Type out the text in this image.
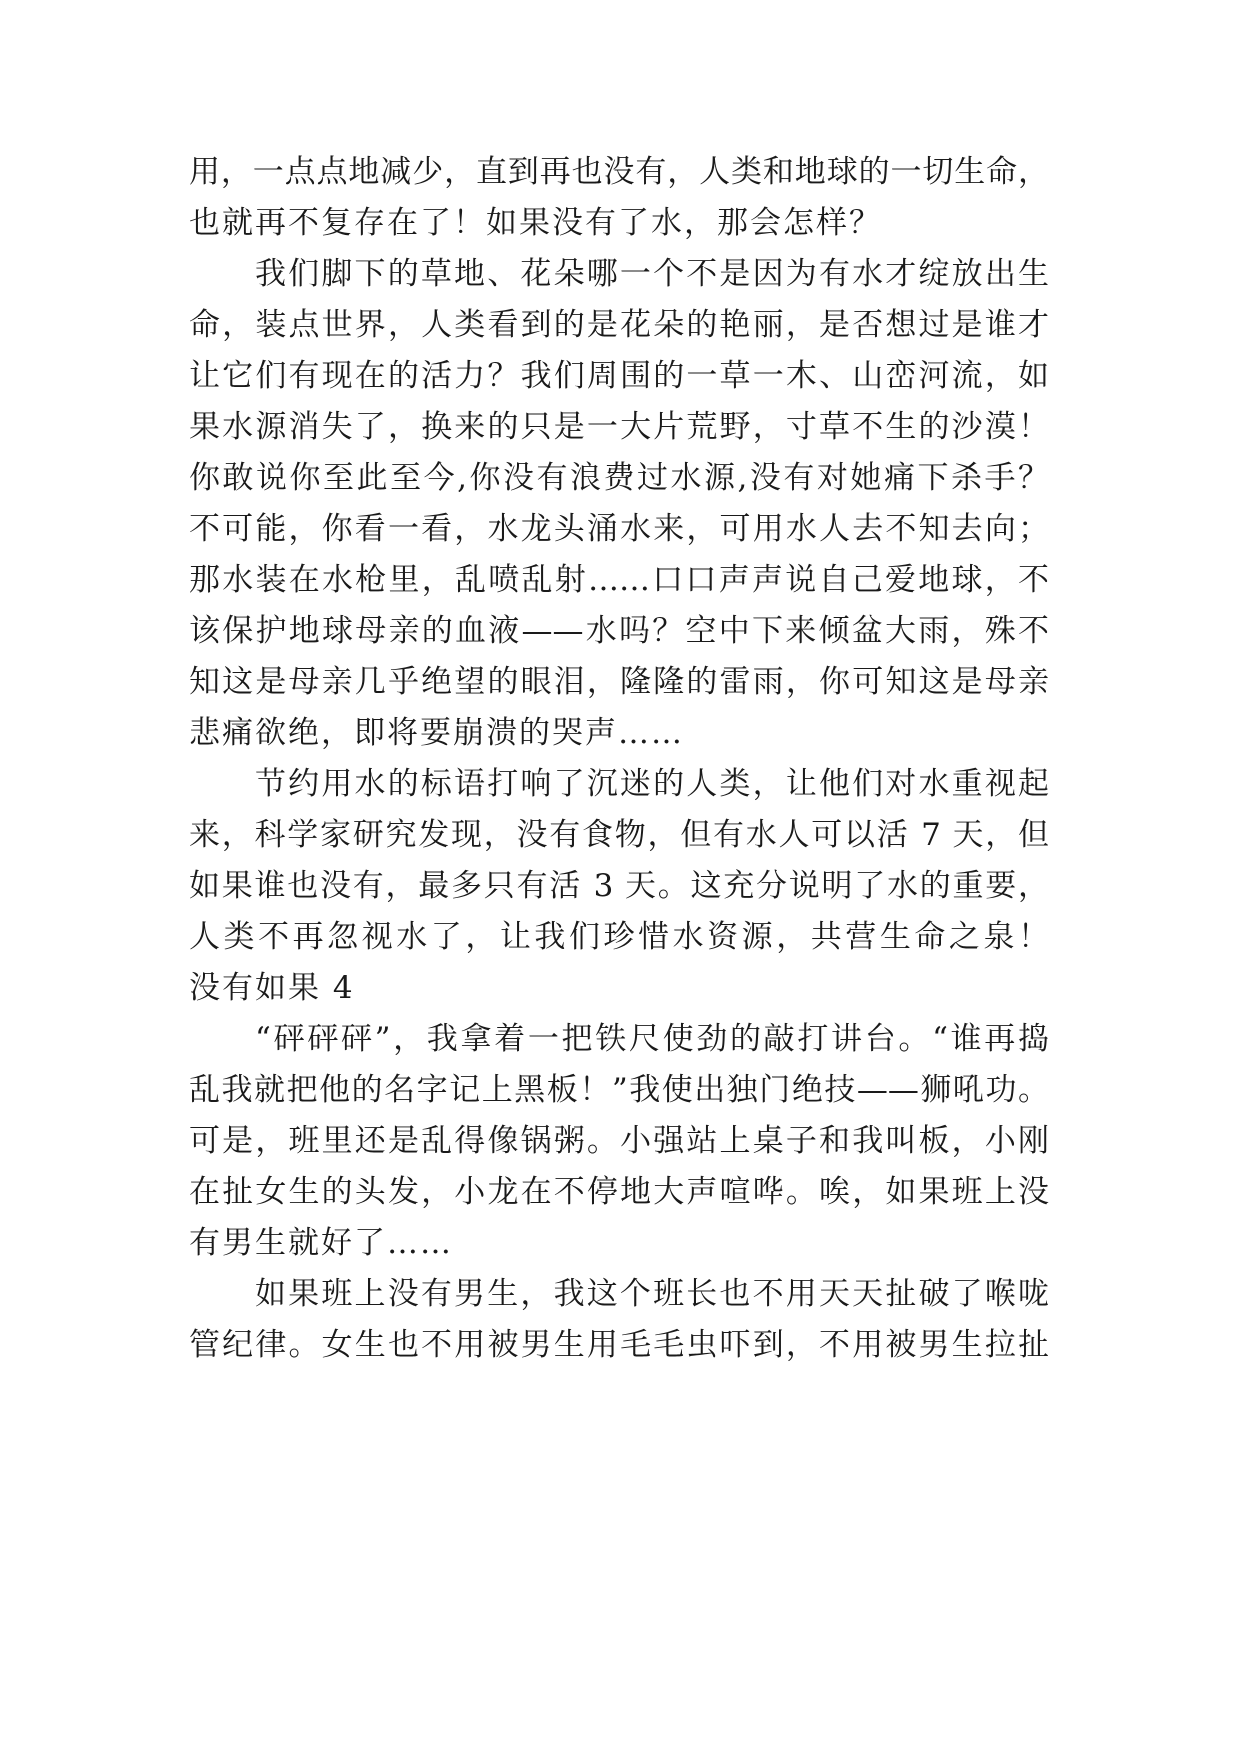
用，一点点地减少，直到再也没有，人类和地球的一切生命，
也就再不复存在了！如果没有了水，那会怎样？
我们脚下的草地、花朵哪一个不是因为有水才绽放出生
命，装点世界，人类看到的是花朵的艳丽，是否想过是谁才
让它们有现在的活力？我们周围的一草一木、山峦河流，如
果水源消失了，换来的只是一大片荒野，寸草不生的沙漠！
你敢说你至此至今,你没有浪费过水源,没有对她痛下杀手？
不可能，你看一看，水龙头涌水来，可用水人去不知去向；
那水装在水枪里，乱喷乱射……口口声声说自己爱地球，不
该保护地球母亲的血液——水吗？空中下来倾盆大雨，殊不
知这是母亲几乎绝望的眼泪，隆隆的雷雨，你可知这是母亲
悲痛欲绝，即将要崩溃的哭声……
节约用水的标语打响了沉迷的人类，让他们对水重视起
来，科学家研究发现，没有食物，但有水人可以活 7 天，但
如果谁也没有，最多只有活 3 天。这充分说明了水的重要，
人类不再忽视水了，让我们珍惜水资源，共营生命之泉！
没有如果 4
“砰砰砰”，我拿着一把铁尺使劲的敲打讲台。“谁再捣
乱我就把他的名字记上黑板！”我使出独门绝技——狮吼功。
可是，班里还是乱得像锅粥。小强站上桌子和我叫板，小刚
在扯女生的头发，小龙在不停地大声喧哗。唉，如果班上没
有男生就好了……
如果班上没有男生，我这个班长也不用天天扯破了喉咙
管纪律。女生也不用被男生用毛毛虫吓到，不用被男生拉扯
